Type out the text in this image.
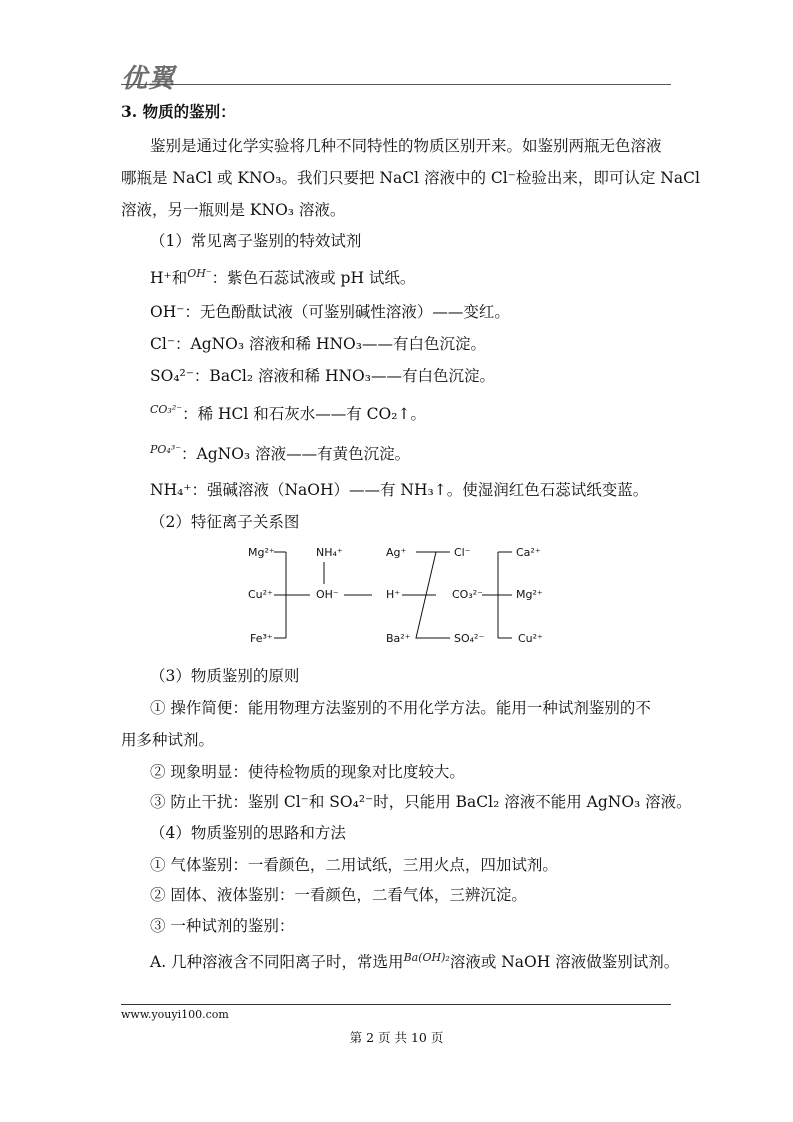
优翼
3. 物质的鉴别：
鉴别是通过化学实验将几种不同特性的物质区别开来。如鉴别两瓶无色溶液
哪瓶是 NaCl 或 KNO₃。我们只要把 NaCl 溶液中的 Cl⁻检验出来，即可认定 NaCl
溶液，另一瓶则是 KNO₃ 溶液。
（1）常见离子鉴别的特效试剂
H⁺和$^{OH^-}$：紫色石蕊试液或 pH 试纸。
OH⁻：无色酚酞试液（可鉴别碱性溶液）——变红。
Cl⁻：AgNO₃ 溶液和稀 HNO₃——有白色沉淀。
SO₄²⁻：BaCl₂ 溶液和稀 HNO₃——有白色沉淀。
$^{CO_3^{2-}}$：稀 HCl 和石灰水——有 CO₂↑。
$^{PO_4^{3-}}$：AgNO₃ 溶液——有黄色沉淀。
NH₄⁺：强碱溶液（NaOH）——有 NH₃↑。使湿润红色石蕊试纸变蓝。
（2）特征离子关系图
Mg²⁺
Cu²⁺
Fe³⁺
NH₄⁺
OH⁻
Ag⁺
H⁺
Ba²⁺
Cl⁻
CO₃²⁻
SO₄²⁻
Ca²⁺
Mg²⁺
Cu²⁺
（3）物质鉴别的原则
① 操作简便：能用物理方法鉴别的不用化学方法。能用一种试剂鉴别的不
用多种试剂。
② 现象明显：使待检物质的现象对比度较大。
③ 防止干扰：鉴别 Cl⁻和 SO₄²⁻时，只能用 BaCl₂ 溶液不能用 AgNO₃ 溶液。
（4）物质鉴别的思路和方法
① 气体鉴别：一看颜色，二用试纸，三用火点，四加试剂。
② 固体、液体鉴别：一看颜色，二看气体，三辨沉淀。
③ 一种试剂的鉴别：
A. 几种溶液含不同阳离子时，常选用$^{Ba(OH)_2}$溶液或 NaOH 溶液做鉴别试剂。
www.youyi100.com
第 2 页 共 10 页
